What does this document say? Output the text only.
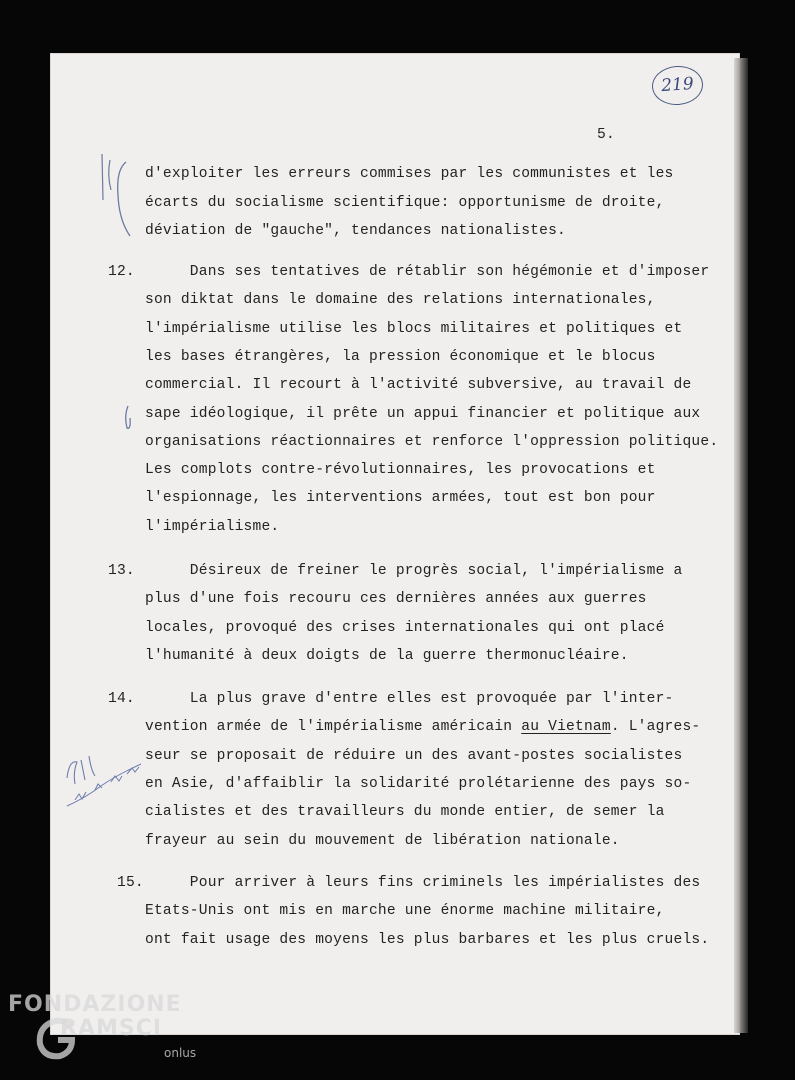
219
5.
d'exploiter les erreurs commises par les communistes et les
écarts du socialisme scientifique: opportunisme de droite,
déviation de "gauche", tendances nationalistes.
12. Dans ses tentatives de rétablir son hégémonie et d'imposer
son diktat dans le domaine des relations internationales,
l'impérialisme utilise les blocs militaires et politiques et
les bases étrangères, la pression économique et le blocus
commercial. Il recourt à l'activité subversive, au travail de
sape idéologique, il prête un appui financier et politique aux
organisations réactionnaires et renforce l'oppression politique.
Les complots contre-révolutionnaires, les provocations et
l'espionnage, les interventions armées, tout est bon pour
l'impérialisme.
13. Désireux de freiner le progrès social, l'impérialisme a
plus d'une fois recouru ces dernières années aux guerres
locales, provoqué des crises internationales qui ont placé
l'humanité à deux doigts de la guerre thermonucléaire.
14. La plus grave d'entre elles est provoquée par l'inter-
vention armée de l'impérialisme américain au Vietnam. L'agres-
seur se proposait de réduire un des avant-postes socialistes
en Asie, d'affaiblir la solidarité prolétarienne des pays so-
cialistes et des travailleurs du monde entier, de semer la
frayeur au sein du mouvement de libération nationale.
15. Pour arriver à leurs fins criminels les impérialistes des
Etats-Unis ont mis en marche une énorme machine militaire,
ont fait usage des moyens les plus barbares et les plus cruels.
FONDAZIONE
RAMSCI
onlus
